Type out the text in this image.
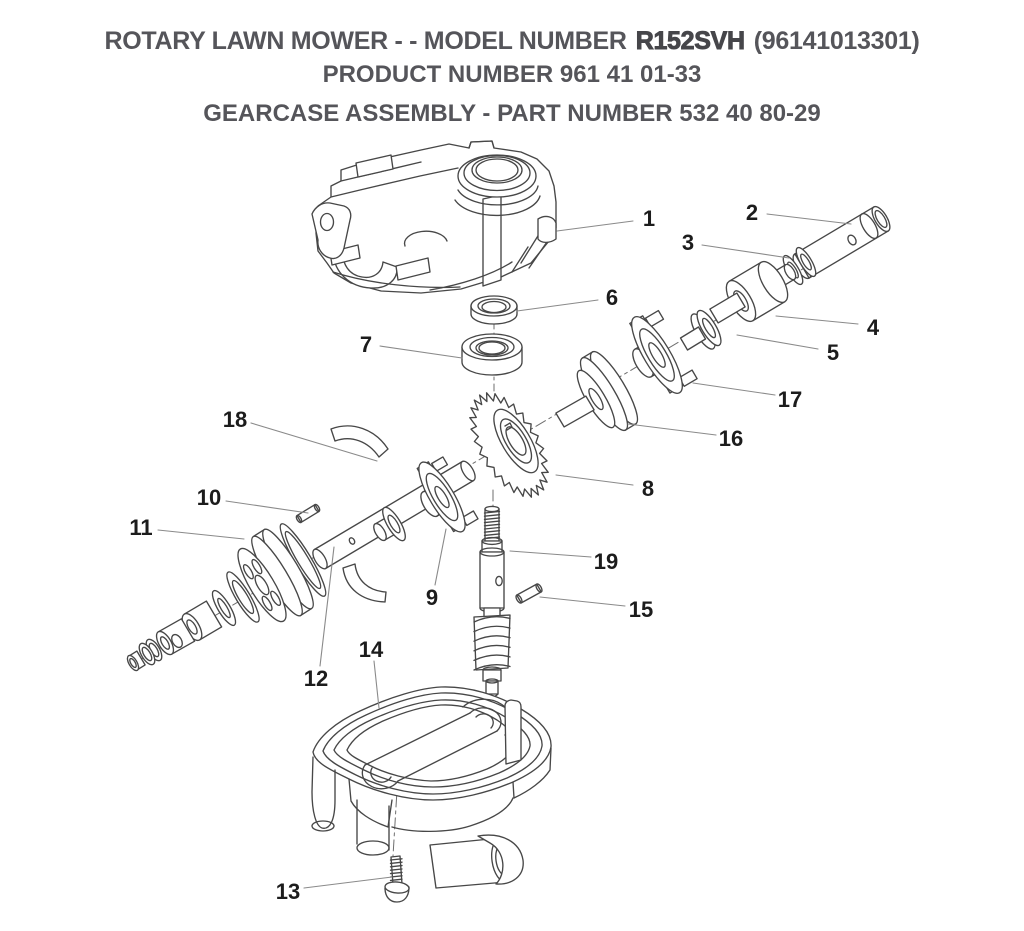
1	2
3
4
5
6
7
8
9
10
11
12
13
14
15
16
17
18
19
ROTARY LAWN MOWER - - MODEL NUMBER R152SVH (96141013301)
PRODUCT NUMBER 961 41 01-33
GEARCASE ASSEMBLY - PART NUMBER 532 40 80-29
